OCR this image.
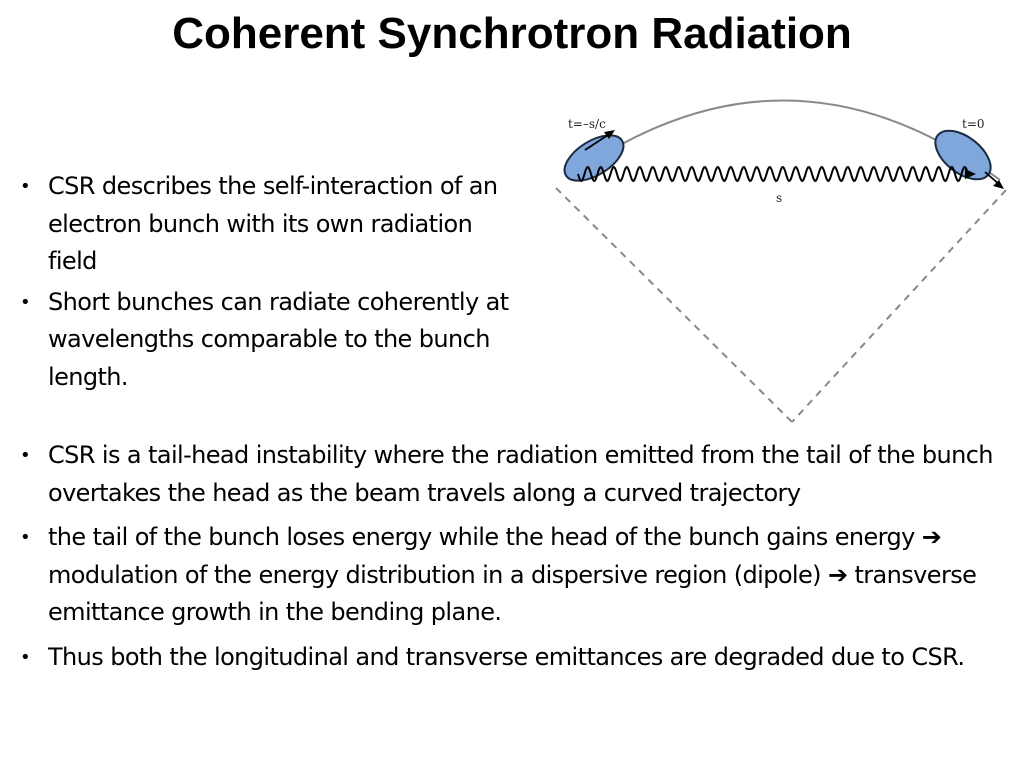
Coherent Synchrotron Radiation
• CSR describes the self-interaction of an electron bunch with its own radiation field
• Short bunches can radiate coherently at wavelengths comparable to the bunch length.
t=–s/c	t=0
s
• CSR is a tail-head instability where the radiation emitted from the tail of the bunch overtakes the head as the beam travels along a curved trajectory
• the tail of the bunch loses energy while the head of the bunch gains energy ➔ modulation of the energy distribution in a dispersive region (dipole) ➔ transverse emittance growth in the bending plane.
• Thus both the longitudinal and transverse emittances are degraded due to CSR.
